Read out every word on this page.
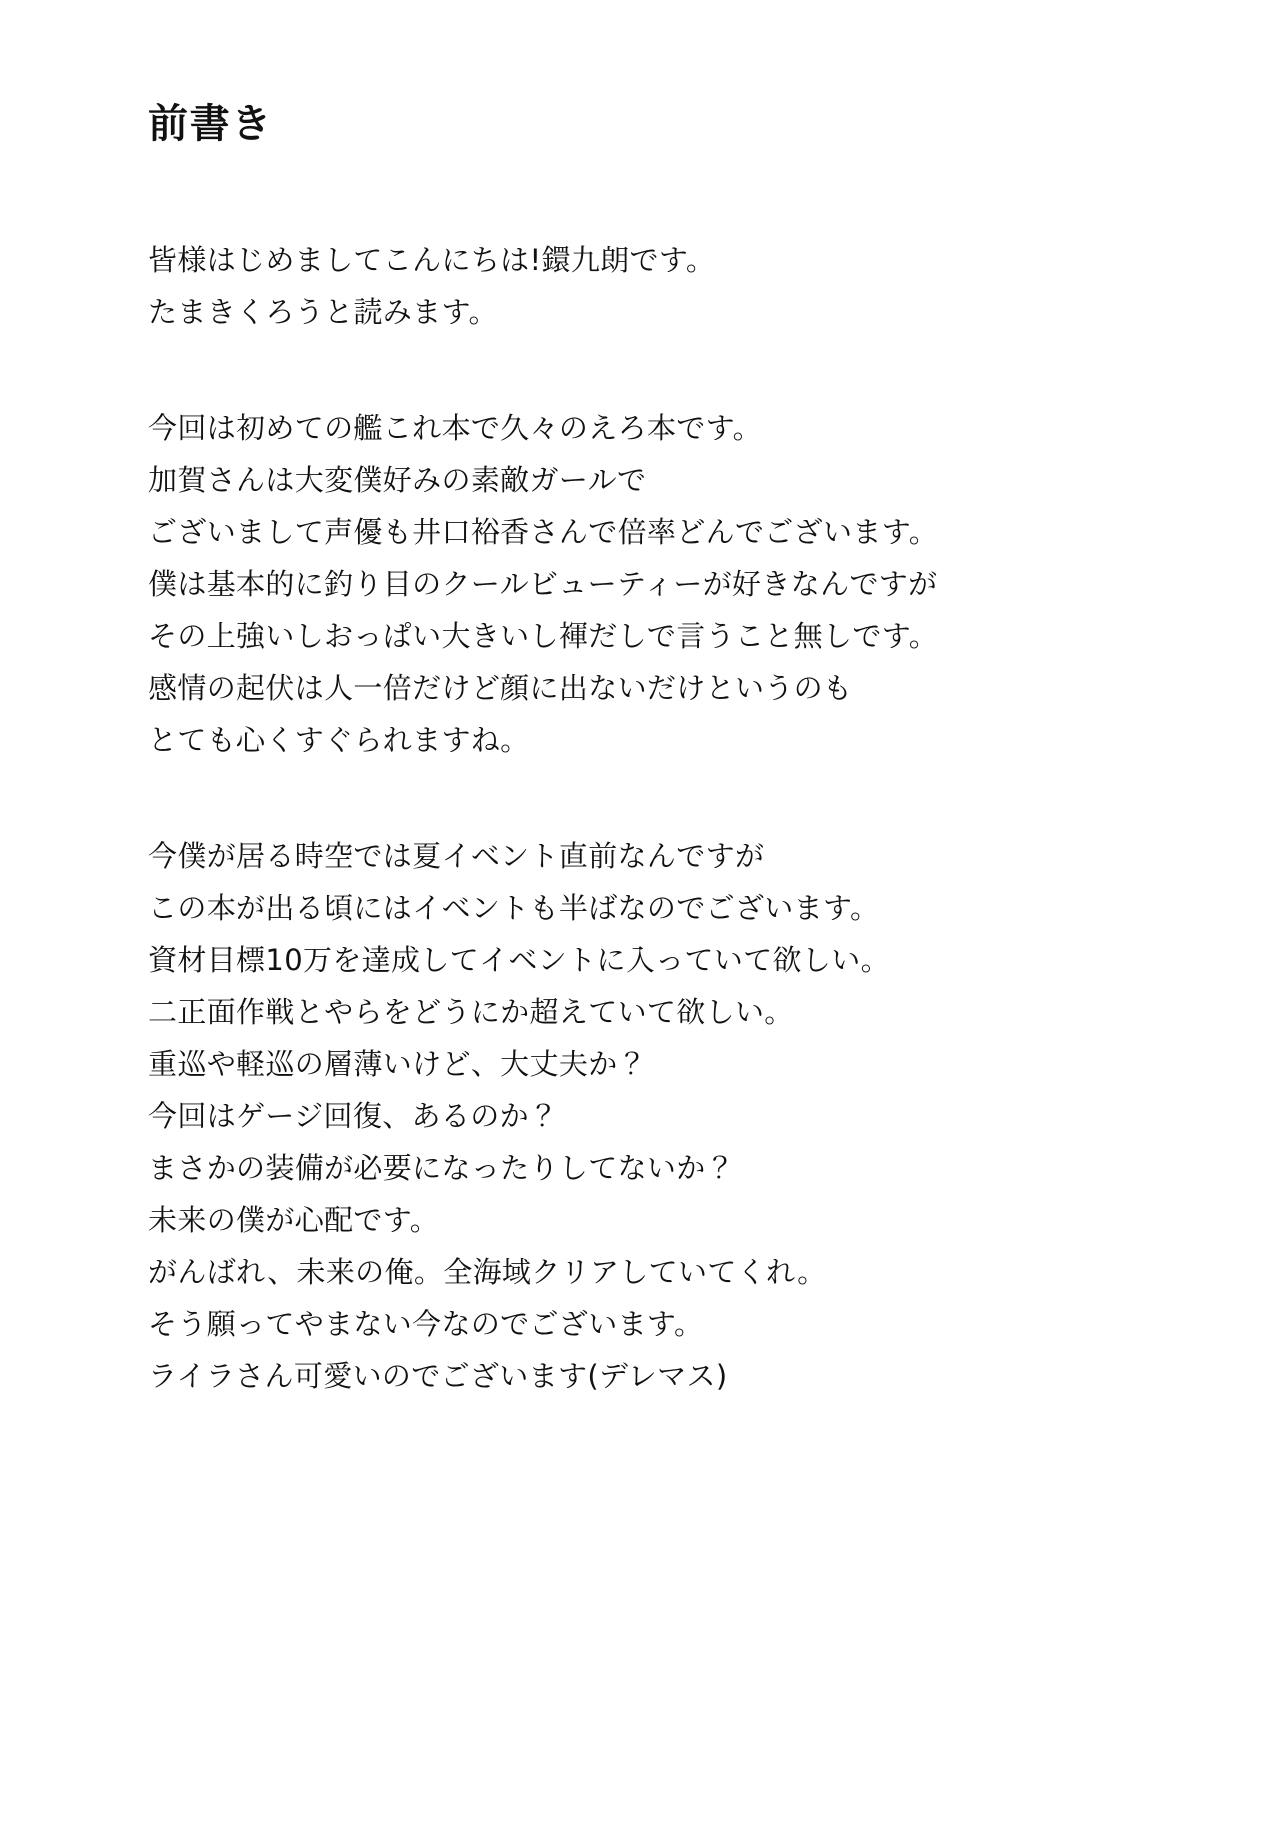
前書き
皆様はじめましてこんにちは!鐶九朗です。
たまきくろうと読みます。
今回は初めての艦これ本で久々のえろ本です。
加賀さんは大変僕好みの素敵ガールで
ございまして声優も井口裕香さんで倍率どんでございます。
僕は基本的に釣り目のクールビューティーが好きなんですが
その上強いしおっぱい大きいし褌だしで言うこと無しです。
感情の起伏は人一倍だけど顔に出ないだけというのも
とても心くすぐられますね。
今僕が居る時空では夏イベント直前なんですが
この本が出る頃にはイベントも半ばなのでございます。
資材目標10万を達成してイベントに入っていて欲しい。
二正面作戦とやらをどうにか超えていて欲しい。
重巡や軽巡の層薄いけど、大丈夫か？
今回はゲージ回復、あるのか？
まさかの装備が必要になったりしてないか？
未来の僕が心配です。
がんばれ、未来の俺。全海域クリアしていてくれ。
そう願ってやまない今なのでございます。
ライラさん可愛いのでございます(デレマス)
